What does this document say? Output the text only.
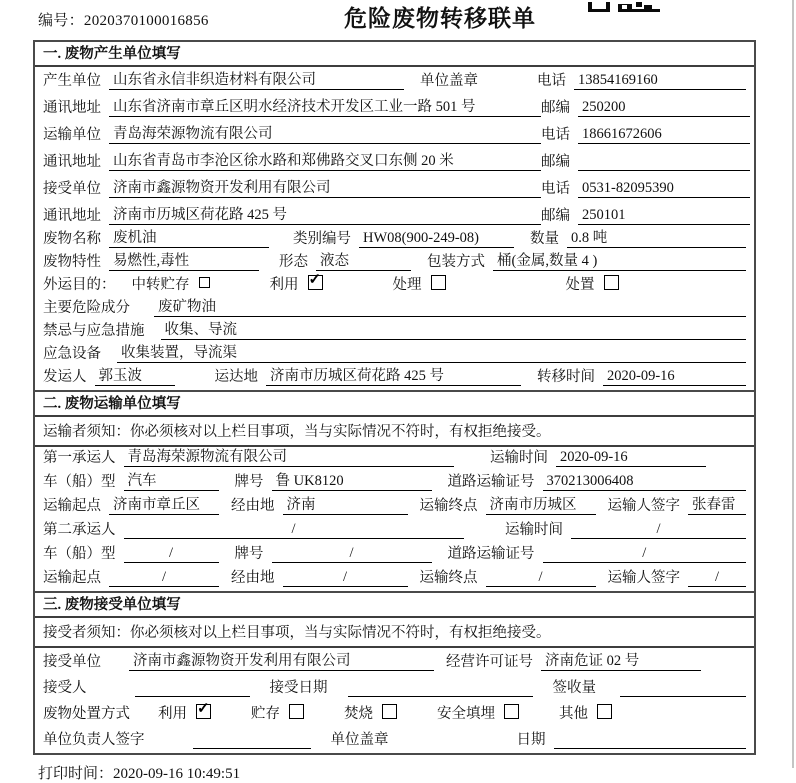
编号：2020370100016856	危险废物转移联单
一. 废物产生单位填写
产生单位 山东省永信非织造材料有限公司	单位盖章	电话 13854169160
通讯地址 山东省济南市章丘区明水经济技术开发区工业一路 501 号	邮编 250200
运输单位 青岛海荣源物流有限公司	电话 18661672606
通讯地址 山东省青岛市李沧区徐水路和郑佛路交叉口东侧 20 米	邮编
接受单位 济南市鑫源物资开发利用有限公司	电话 0531-82095390
通讯地址 济南市历城区荷花路 425 号	邮编 250101
废物名称 废机油	类别编号 HW08(900-249-08)	数量 0.8 吨
废物特性 易燃性,毒性	形态 液态	包装方式 桶(金属,数量 4 )
外运目的：	中转贮存	利用 ✓	处理	处置
主要危险成分	废矿物油
禁忌与应急措施	收集、导流
应急设备	收集装置，导流渠
发运人 郭玉波	运达地 济南市历城区荷花路 425 号	转移时间 2020-09-16
二. 废物运输单位填写
运输者须知：你必须核对以上栏目事项，当与实际情况不符时，有权拒绝接受。
第一承运人 青岛海荣源物流有限公司	运输时间 2020-09-16
车（船）型 汽车	牌号 鲁 UK8120	道路运输证号 370213006408
运输起点 济南市章丘区	经由地 济南	运输终点 济南市历城区	运输人签字 张春雷
第二承运人	/	运输时间	/
车（船）型	/	牌号	/	道路运输证号	/
运输起点	/	经由地	/	运输终点	/	运输人签字	/
三. 废物接受单位填写
接受者须知：你必须核对以上栏目事项，当与实际情况不符时，有权拒绝接受。
接受单位	济南市鑫源物资开发利用有限公司	经营许可证号 济南危证 02 号
接受人	接受日期	签收量
废物处置方式	利用 ✓	贮存	焚烧	安全填埋	其他
单位负责人签字	单位盖章	日期
打印时间：2020-09-16 10:49:51
